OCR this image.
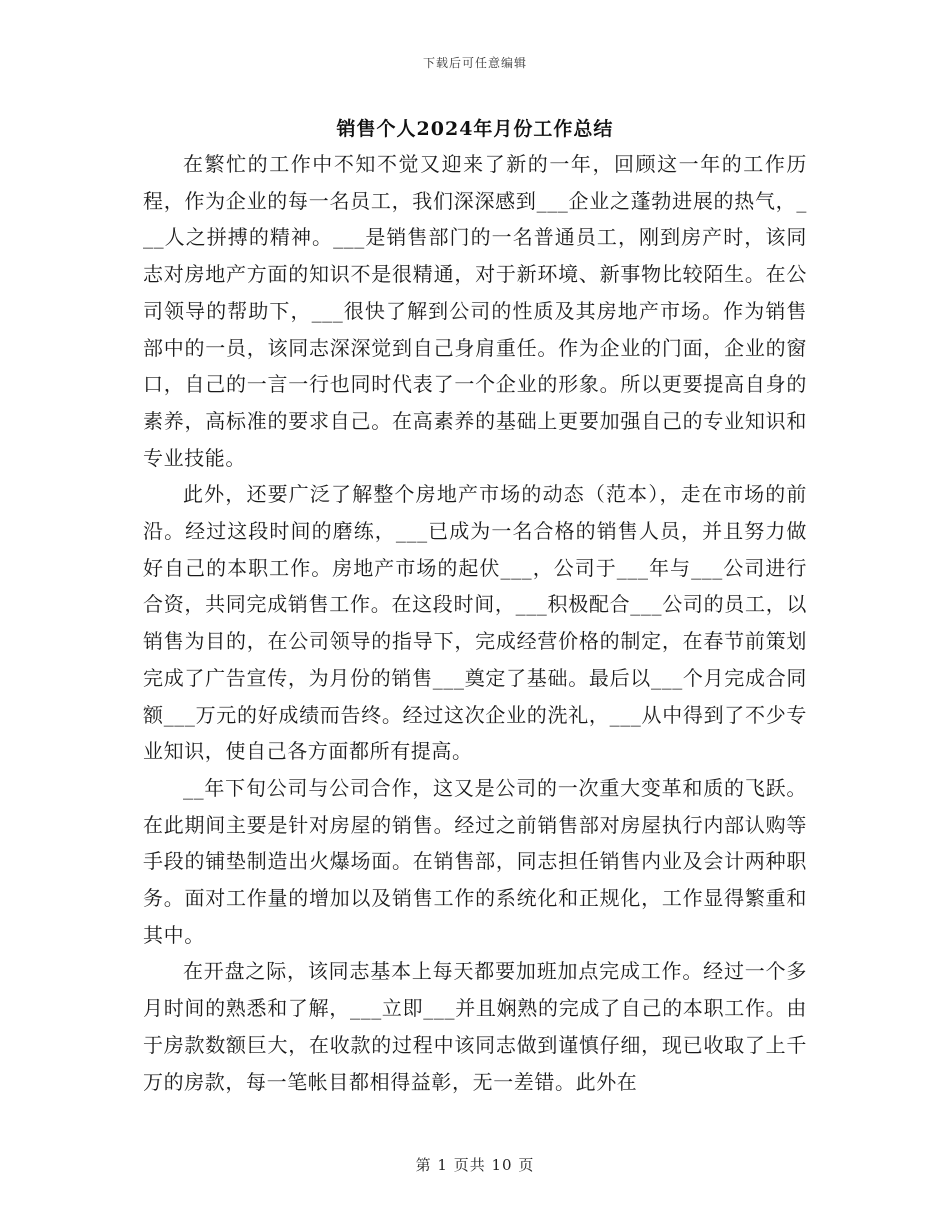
下载后可任意编辑
销售个人2024年月份工作总结

在繁忙的工作中不知不觉又迎来了新的一年，回顾这一年的工作历程，作为企业的每一名员工，我们深深感到___企业之蓬勃进展的热气，___人之拼搏的精神。___是销售部门的一名普通员工，刚到房产时，该同志对房地产方面的知识不是很精通，对于新环境、新事物比较陌生。在公司领导的帮助下，___很快了解到公司的性质及其房地产市场。作为销售部中的一员，该同志深深觉到自己身肩重任。作为企业的门面，企业的窗口，自己的一言一行也同时代表了一个企业的形象。所以更要提高自身的素养，高标准的要求自己。在高素养的基础上更要加强自己的专业知识和专业技能。

此外，还要广泛了解整个房地产市场的动态（范本），走在市场的前沿。经过这段时间的磨练，___已成为一名合格的销售人员，并且努力做好自己的本职工作。房地产市场的起伏___，公司于___年与___公司进行合资，共同完成销售工作。在这段时间，___积极配合___公司的员工，以销售为目的，在公司领导的指导下，完成经营价格的制定，在春节前策划完成了广告宣传，为月份的销售___奠定了基础。最后以___个月完成合同额___万元的好成绩而告终。经过这次企业的洗礼，___从中得到了不少专业知识，使自己各方面都所有提高。

__年下旬公司与公司合作，这又是公司的一次重大变革和质的飞跃。在此期间主要是针对房屋的销售。经过之前销售部对房屋执行内部认购等手段的铺垫制造出火爆场面。在销售部，同志担任销售内业及会计两种职务。面对工作量的增加以及销售工作的系统化和正规化，工作显得繁重和其中。

在开盘之际，该同志基本上每天都要加班加点完成工作。经过一个多月时间的熟悉和了解，___立即___并且娴熟的完成了自己的本职工作。由于房款数额巨大，在收款的过程中该同志做到谨慎仔细，现已收取了上千万的房款，每一笔帐目都相得益彰，无一差错。此外在

第 1 页共 10 页
